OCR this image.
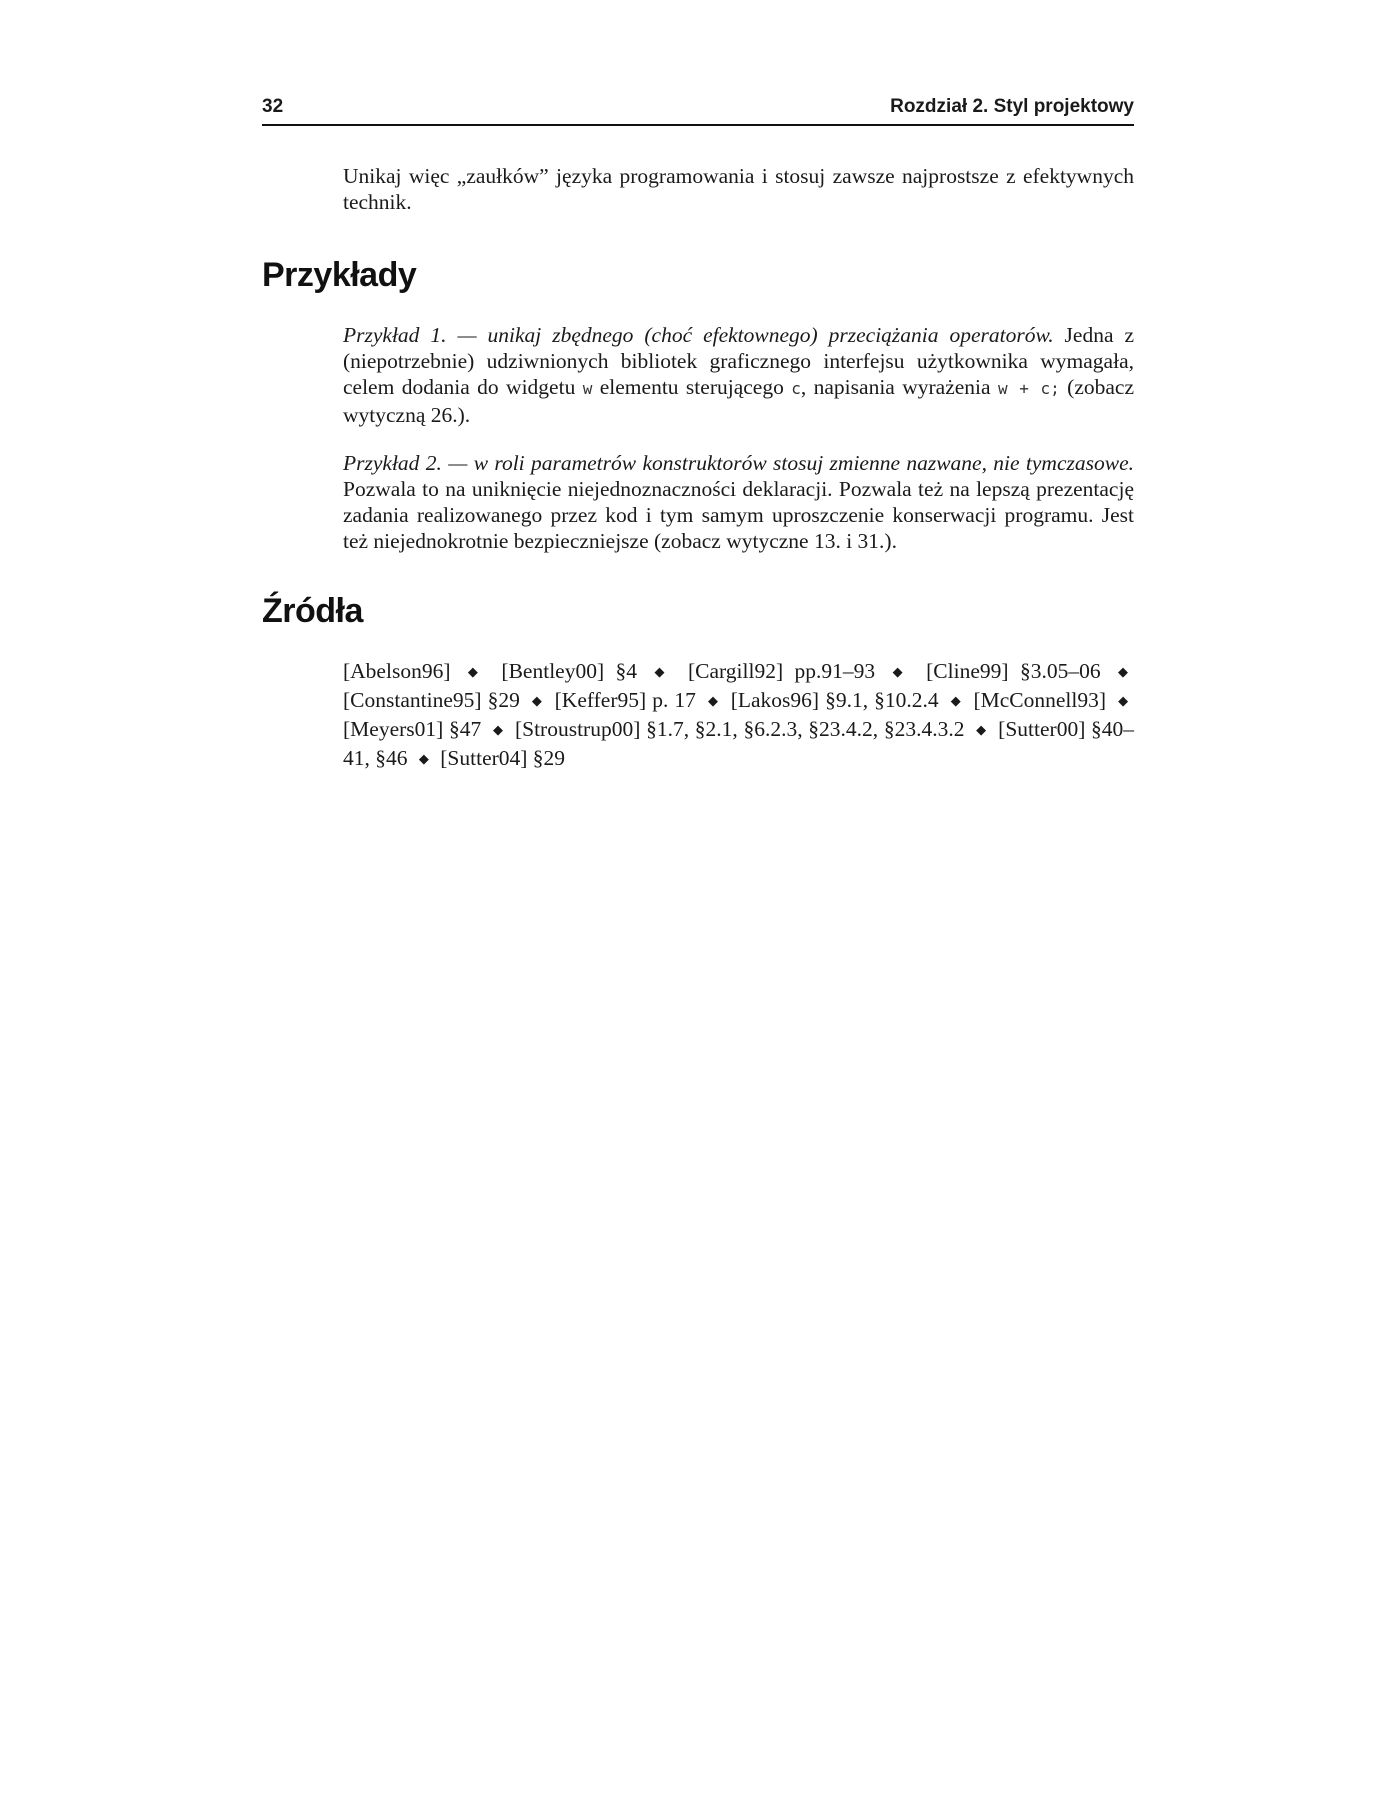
32	Rozdział 2. Styl projektowy

Unikaj więc „zaułków” języka programowania i stosuj zawsze najprostsze z efektywnych technik.

Przykłady

Przykład 1. — unikaj zbędnego (choć efektownego) przeciążania operatorów. Jedna z (niepotrzebnie) udziwnionych bibliotek graficznego interfejsu użytkownika wymagała, celem dodania do widgetu w elementu sterującego c, napisania wyrażenia w + c; (zobacz wytyczną 26.).

Przykład 2. — w roli parametrów konstruktorów stosuj zmienne nazwane, nie tymczasowe. Pozwala to na uniknięcie niejednoznaczności deklaracji. Pozwala też na lepszą prezentację zadania realizowanego przez kod i tym samym uproszczenie konserwacji programu. Jest też niejednokrotnie bezpieczniejsze (zobacz wytyczne 13. i 31.).

Źródła

[Abelson96] ◆ [Bentley00] §4 ◆ [Cargill92] pp.91–93 ◆ [Cline99] §3.05–06 ◆ [Constantine95] §29 ◆ [Keffer95] p. 17 ◆ [Lakos96] §9.1, §10.2.4 ◆ [McConnell93] ◆ [Meyers01] §47 ◆ [Stroustrup00] §1.7, §2.1, §6.2.3, §23.4.2, §23.4.3.2 ◆ [Sutter00] §40–41, §46 ◆ [Sutter04] §29
